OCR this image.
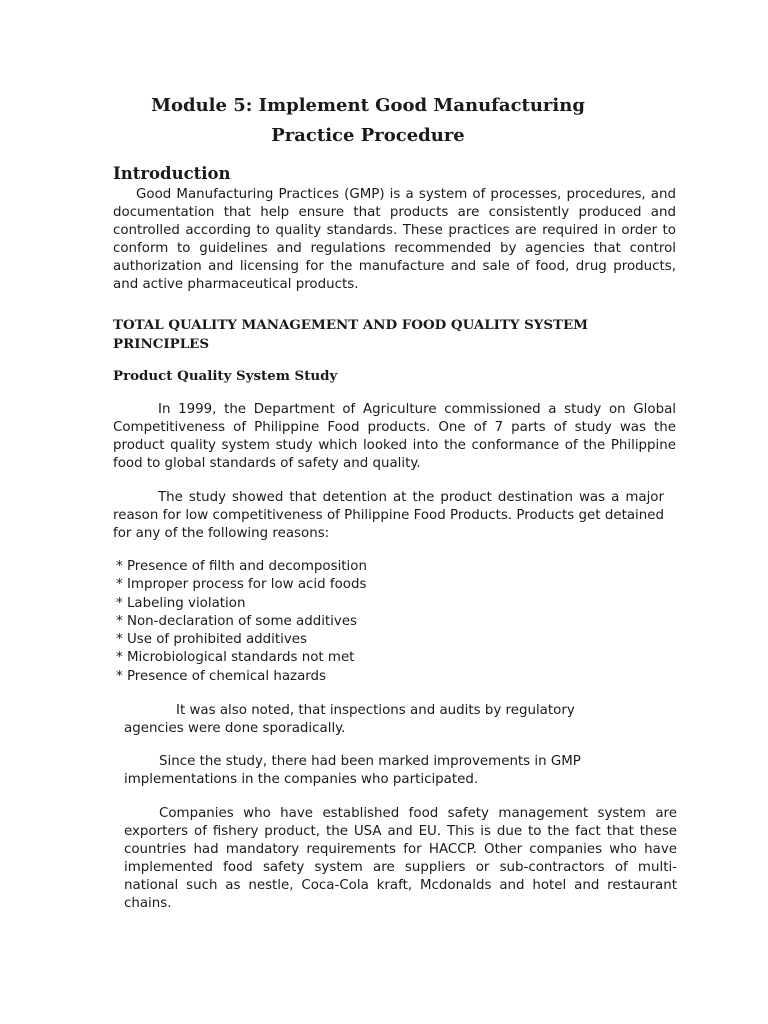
Module 5: Implement Good Manufacturing
Practice Procedure
Introduction

Good Manufacturing Practices (GMP) is a system of processes, procedures, and documentation that help ensure that products are consistently produced and controlled according to quality standards. These practices are required in order to conform to guidelines and regulations recommended by agencies that control authorization and licensing for the manufacture and sale of food, drug products, and active pharmaceutical products.

TOTAL QUALITY MANAGEMENT AND FOOD QUALITY SYSTEM PRINCIPLES
Product Quality System Study

In 1999, the Department of Agriculture commissioned a study on Global Competitiveness of Philippine Food products. One of 7 parts of study was the product quality system study which looked into the conformance of the Philippine food to global standards of safety and quality.

The study showed that detention at the product destination was a major reason for low competitiveness of Philippine Food Products. Products get detained for any of the following reasons:

* Presence of filth and decomposition
* Improper process for low acid foods
* Labeling violation
* Non-declaration of some additives
* Use of prohibited additives
* Microbiological standards not met
* Presence of chemical hazards

It was also noted, that inspections and audits by regulatory agencies were done sporadically.

Since the study, there had been marked improvements in GMP implementations in the companies who participated.

Companies who have established food safety management system are exporters of fishery product, the USA and EU. This is due to the fact that these countries had mandatory requirements for HACCP. Other companies who have implemented food safety system are suppliers or sub-contractors of multi-national such as nestle, Coca-Cola kraft, Mcdonalds and hotel and restaurant chains.
